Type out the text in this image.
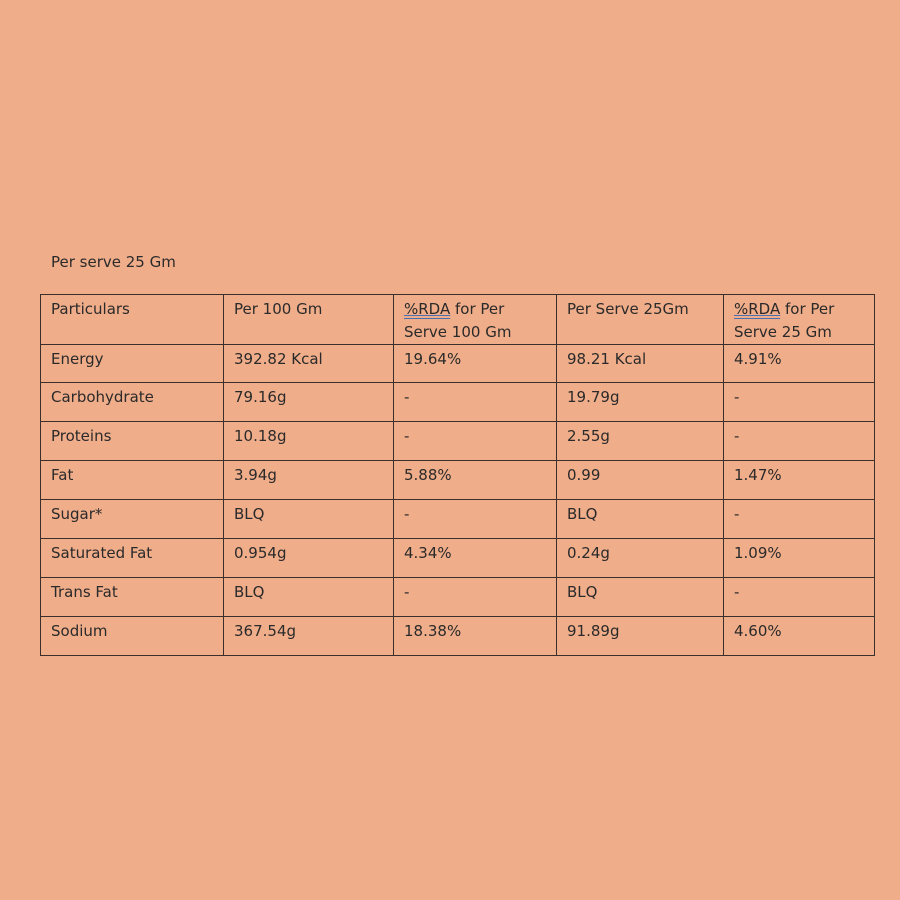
Per serve 25 Gm
Particulars	Per 100 Gm	%RDA for Per Serve 100 Gm	Per Serve 25Gm	%RDA for Per Serve 25 Gm
Energy	392.82 Kcal	19.64%	98.21 Kcal	4.91%
Carbohydrate	79.16g	-	19.79g	-
Proteins	10.18g	-	2.55g	-
Fat	3.94g	5.88%	0.99	1.47%
Sugar*	BLQ	-	BLQ	-
Saturated Fat	0.954g	4.34%	0.24g	1.09%
Trans Fat	BLQ	-	BLQ	-
Sodium	367.54g	18.38%	91.89g	4.60%
